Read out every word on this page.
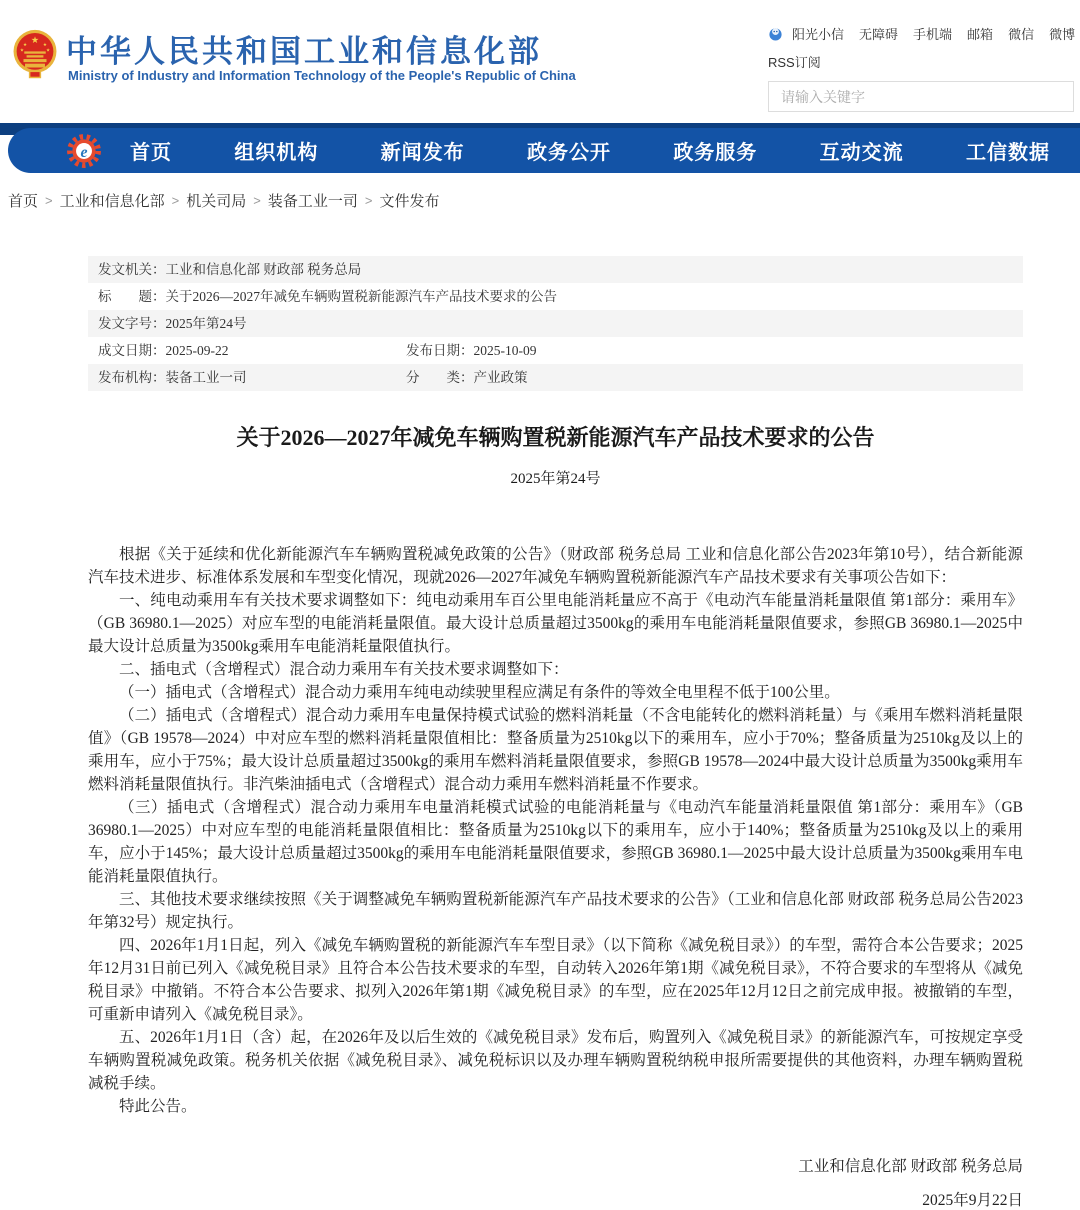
★
★	★
★	★ 中华人民共和国工业和信息化部
Ministry of Industry and Information Technology of the People's Republic of China
阳光小信 无障碍 手机端 邮箱 微信 微博
RSS订阅
请输入关键字
e 首页	组织机构	新闻发布	政务公开	政务服务	互动交流	工信数据
首页 > 工业和信息化部 > 机关司局 > 装备工业一司 > 文件发布
发文机关： 工业和信息化部 财政部 税务总局
标　　题： 关于2026—2027年减免车辆购置税新能源汽车产品技术要求的公告
发文字号： 2025年第24号
成文日期： 2025-09-22	发布日期： 2025-10-09
发布机构： 装备工业一司	分　　类： 产业政策
关于2026—2027年减免车辆购置税新能源汽车产品技术要求的公告
2025年第24号

根据《关于延续和优化新能源汽车车辆购置税减免政策的公告》（财政部 税务总局 工业和信息化部公告2023年第10号），结合新能源汽车技术进步、标准体系发展和车型变化情况，现就2026—2027年减免车辆购置税新能源汽车产品技术要求有关事项公告如下：

一、纯电动乘用车有关技术要求调整如下：纯电动乘用车百公里电能消耗量应不高于《电动汽车能量消耗量限值 第1部分：乘用车》（GB 36980.1—2025）对应车型的电能消耗量限值。最大设计总质量超过3500kg的乘用车电能消耗量限值要求，参照GB 36980.1—2025中最大设计总质量为3500kg乘用车电能消耗量限值执行。

二、插电式（含增程式）混合动力乘用车有关技术要求调整如下：

（一）插电式（含增程式）混合动力乘用车纯电动续驶里程应满足有条件的等效全电里程不低于100公里。

（二）插电式（含增程式）混合动力乘用车电量保持模式试验的燃料消耗量（不含电能转化的燃料消耗量）与《乘用车燃料消耗量限值》（GB 19578—2024）中对应车型的燃料消耗量限值相比：整备质量为2510kg以下的乘用车，应小于70%；整备质量为2510kg及以上的乘用车，应小于75%；最大设计总质量超过3500kg的乘用车燃料消耗量限值要求，参照GB 19578—2024中最大设计总质量为3500kg乘用车燃料消耗量限值执行。非汽柴油插电式（含增程式）混合动力乘用车燃料消耗量不作要求。

（三）插电式（含增程式）混合动力乘用车电量消耗模式试验的电能消耗量与《电动汽车能量消耗量限值 第1部分：乘用车》（GB 36980.1—2025）中对应车型的电能消耗量限值相比：整备质量为2510kg以下的乘用车，应小于140%；整备质量为2510kg及以上的乘用车，应小于145%；最大设计总质量超过3500kg的乘用车电能消耗量限值要求，参照GB 36980.1—2025中最大设计总质量为3500kg乘用车电能消耗量限值执行。

三、其他技术要求继续按照《关于调整减免车辆购置税新能源汽车产品技术要求的公告》（工业和信息化部 财政部 税务总局公告2023年第32号）规定执行。

四、2026年1月1日起，列入《减免车辆购置税的新能源汽车车型目录》（以下简称《减免税目录》）的车型，需符合本公告要求；2025年12月31日前已列入《减免税目录》且符合本公告技术要求的车型，自动转入2026年第1期《减免税目录》，不符合要求的车型将从《减免税目录》中撤销。不符合本公告要求、拟列入2026年第1期《减免税目录》的车型，应在2025年12月12日之前完成申报。被撤销的车型，可重新申请列入《减免税目录》。

五、2026年1月1日（含）起，在2026年及以后生效的《减免税目录》发布后，购置列入《减免税目录》的新能源汽车，可按规定享受车辆购置税减免政策。税务机关依据《减免税目录》、减免税标识以及办理车辆购置税纳税申报所需要提供的其他资料，办理车辆购置税减税手续。

特此公告。

工业和信息化部 财政部 税务总局
2025年9月22日
